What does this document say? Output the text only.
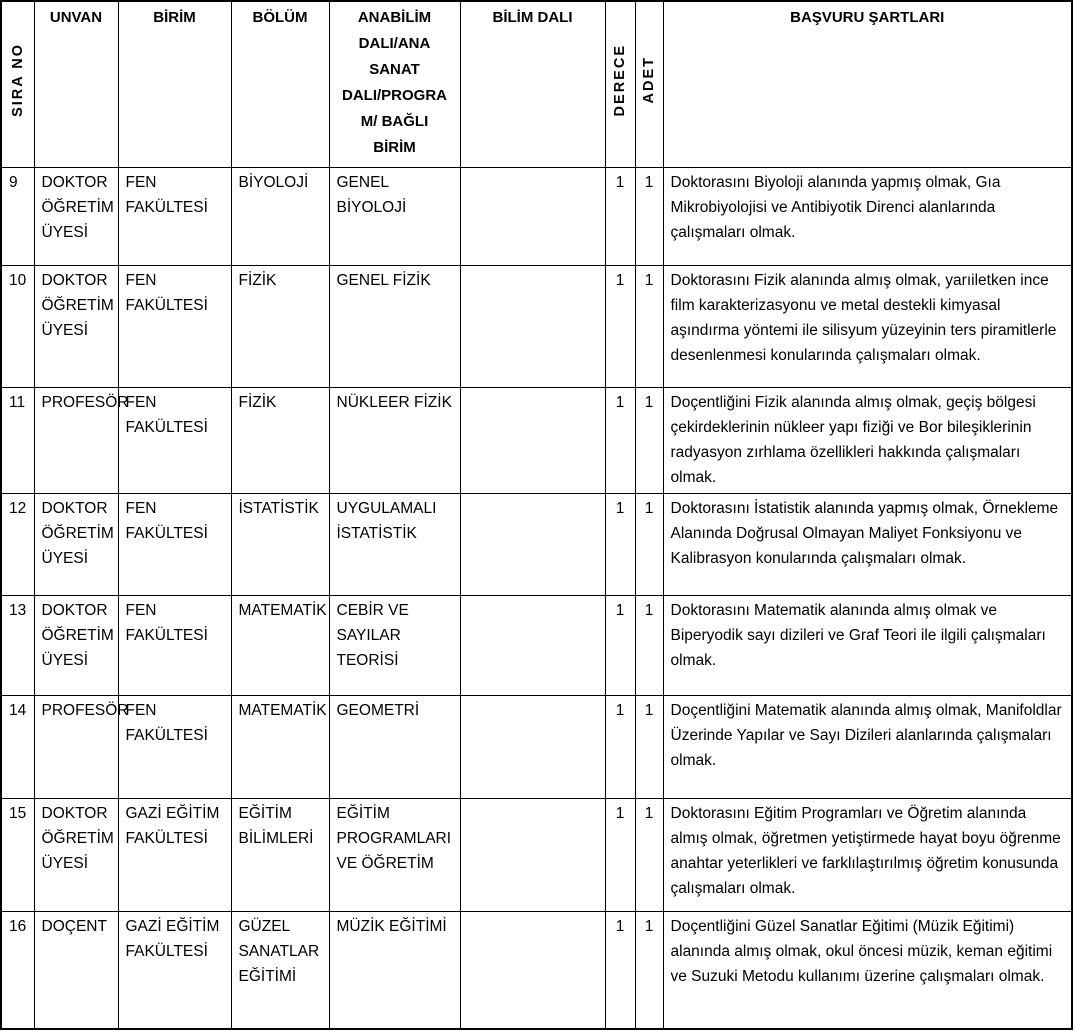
SIRA NO	UNVAN	BİRİM	BÖLÜM	ANABİLİM
DALI/ANA
SANAT
DALI/PROGRA
M/ BAĞLI
BİRİM	BİLİM DALI	DERECE	ADET	BAŞVURU ŞARTLARI
9	DOKTOR ÖĞRETİM ÜYESİ	FEN FAKÜLTESİ	BİYOLOJİ	GENEL BİYOLOJİ		1	1	Doktorasını Biyoloji alanında yapmış olmak, Gıa Mikrobiyolojisi ve Antibiyotik Direnci alanlarında çalışmaları olmak.
10	DOKTOR ÖĞRETİM ÜYESİ	FEN FAKÜLTESİ	FİZİK	GENEL FİZİK		1	1	Doktorasını Fizik alanında almış olmak, yarıiletken ince film karakterizasyonu ve metal destekli kimyasal aşındırma yöntemi ile silisyum yüzeyinin ters piramitlerle desenlenmesi konularında çalışmaları olmak.
11	PROFESÖR	FEN FAKÜLTESİ	FİZİK	NÜKLEER FİZİK		1	1	Doçentliğini Fizik alanında almış olmak, geçiş bölgesi çekirdeklerinin nükleer yapı fiziği ve Bor bileşiklerinin radyasyon zırhlama özellikleri hakkında çalışmaları olmak.
12	DOKTOR ÖĞRETİM ÜYESİ	FEN FAKÜLTESİ	İSTATİSTİK	UYGULAMALI İSTATİSTİK		1	1	Doktorasını İstatistik alanında yapmış olmak, Örnekleme Alanında Doğrusal Olmayan Maliyet Fonksiyonu ve Kalibrasyon konularında çalışmaları olmak.
13	DOKTOR ÖĞRETİM ÜYESİ	FEN FAKÜLTESİ	MATEMATİK	CEBİR VE SAYILAR TEORİSİ		1	1	Doktorasını Matematik alanında almış olmak ve Biperyodik sayı dizileri ve Graf Teori ile ilgili çalışmaları olmak.
14	PROFESÖR	FEN FAKÜLTESİ	MATEMATİK	GEOMETRİ		1	1	Doçentliğini Matematik alanında almış olmak, Manifoldlar Üzerinde Yapılar ve Sayı Dizileri alanlarında çalışmaları olmak.
15	DOKTOR ÖĞRETİM ÜYESİ	GAZİ EĞİTİM FAKÜLTESİ	EĞİTİM BİLİMLERİ	EĞİTİM PROGRAMLARI VE ÖĞRETİM		1	1	Doktorasını Eğitim Programları ve Öğretim alanında almış olmak, öğretmen yetiştirmede hayat boyu öğrenme anahtar yeterlikleri ve farklılaştırılmış öğretim konusunda çalışmaları olmak.
16	DOÇENT	GAZİ EĞİTİM FAKÜLTESİ	GÜZEL SANATLAR EĞİTİMİ	MÜZİK EĞİTİMİ		1	1	Doçentliğini Güzel Sanatlar Eğitimi (Müzik Eğitimi) alanında almış olmak, okul öncesi müzik, keman eğitimi ve Suzuki Metodu kullanımı üzerine çalışmaları olmak.
